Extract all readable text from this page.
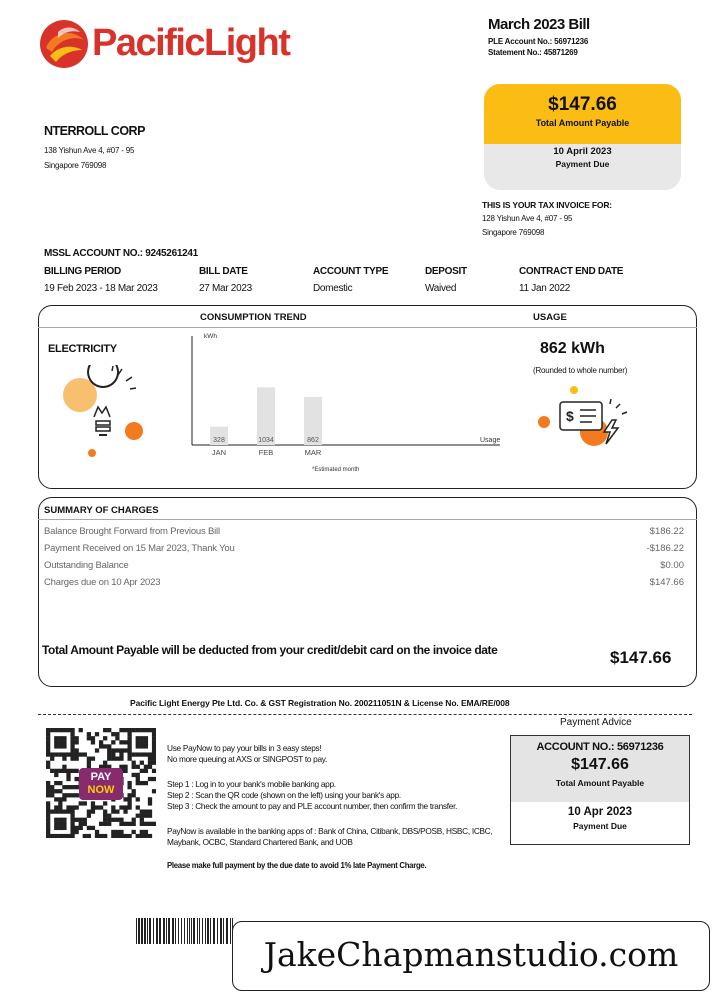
PacificLight	March 2023 Bill
PLE Account No.: 56971236
Statement No.: 45871269
$147.66
Total Amount Payable
10 April 2023
Payment Due
NTERROLL CORP
138 Yishun Ave 4, #07 - 95
Singapore 769098
THIS IS YOUR TAX INVOICE FOR:
128 Yishun Ave 4, #07 - 95
Singapore 769098
MSSL ACCOUNT NO.: 9245261241
BILLING PERIOD
19 Feb 2023 - 18 Mar 2023
BILL DATE
27 Mar 2023
ACCOUNT TYPE
Domestic
DEPOSIT
Waived
CONTRACT END DATE
11 Jan 2022
CONSUMPTION TREND	USAGE
ELECTRICITY
kWh
Usage
*Estimated month
328
JAN
1034
FEB
862
MAR
862 kWh
(Rounded to whole number)
$
SUMMARY OF CHARGES
Balance Brought Forward from Previous Bill	$186.22
Payment Received on 15 Mar 2023, Thank You	-$186.22
Outstanding Balance	$0.00
Charges due on 10 Apr 2023	$147.66
Total Amount Payable will be deducted from your credit/debit card on the invoice date	$147.66
Pacific Light Energy Pte Ltd. Co. & GST Registration No. 200211051N & License No. EMA/RE/008
Payment Advice
ACCOUNT NO.: 56971236
$147.66
Total Amount Payable
10 Apr 2023
Payment Due
PAY
NOW
Use PayNow to pay your bills in 3 easy steps!
No more queuing at AXS or SINGPOST to pay.
Step 1 : Log in to your bank's mobile banking app.
Step 2 : Scan the QR code (shown on the left) using your bank's app.
Step 3 : Check the amount to pay and PLE account number, then confirm the transfer.
PayNow is available in the banking apps of : Bank of China, Citibank, DBS/POSB, HSBC, ICBC, Maybank, OCBC, Standard Chartered Bank, and UOB
Please make full payment by the due date to avoid 1% late Payment Charge.
JakeChapmanstudio.com
